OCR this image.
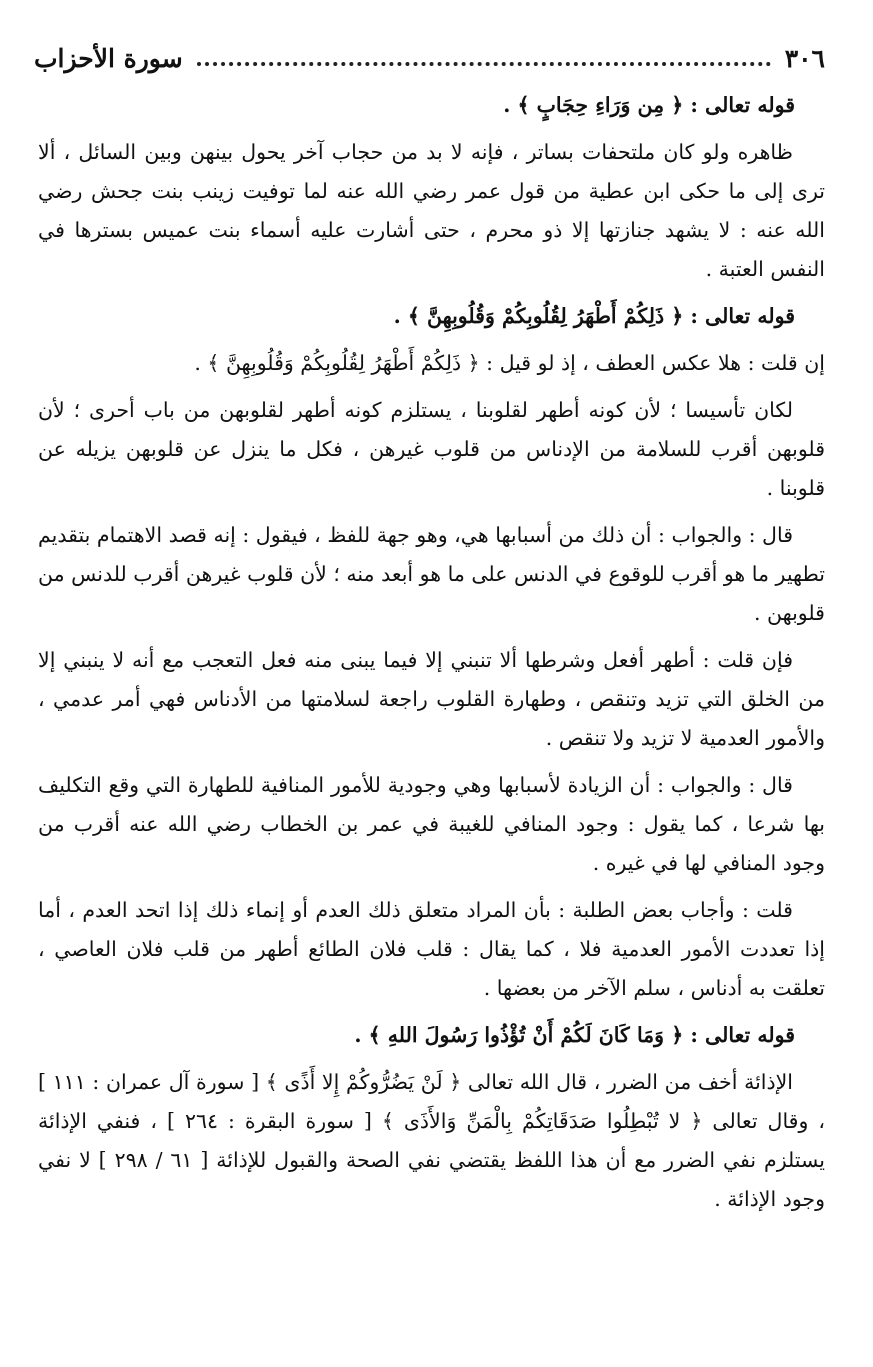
٣٠٦
سورة الأحزاب

قوله تعالى : ﴿ مِن وَرَاءِ حِجَابٍ ﴾ .

ظاهره ولو كان ملتحفات بساتر ، فإنه لا بد من حجاب آخر يحول بينهن وبين السائل ، ألا ترى إلى ما حكى ابن عطية من قول عمر رضي الله عنه لما توفيت زينب بنت جحش رضي الله عنه : لا يشهد جنازتها إلا ذو محرم ، حتى أشارت عليه أسماء بنت عميس بسترها في النفس العتبة .

قوله تعالى : ﴿ ذَلِكُمْ أَطْهَرُ لِقُلُوبِكُمْ وَقُلُوبِهِنَّ ﴾ .

إن قلت : هلا عكس العطف ، إذ لو قيل : ﴿ ذَلِكُمْ أَطْهَرُ لِقُلُوبِكُمْ وَقُلُوبِهِنَّ ﴾ .

لكان تأسيسا ؛ لأن كونه أطهر لقلوبنا ، يستلزم كونه أطهر لقلوبهن من باب أحرى ؛ لأن قلوبهن أقرب للسلامة من الإدناس من قلوب غيرهن ، فكل ما ينزل عن قلوبهن يزيله عن قلوبنا .

قال : والجواب : أن ذلك من أسبابها هي، وهو جهة للفظ ، فيقول : إنه قصد الاهتمام بتقديم تطهير ما هو أقرب للوقوع في الدنس على ما هو أبعد منه ؛ لأن قلوب غيرهن أقرب للدنس من قلوبهن .

فإن قلت : أطهر أفعل وشرطها ألا تنبني إلا فيما يبنى منه فعل التعجب مع أنه لا ينبني إلا من الخلق التي تزيد وتنقص ، وطهارة القلوب راجعة لسلامتها من الأدناس فهي أمر عدمي ، والأمور العدمية لا تزيد ولا تنقص .

قال : والجواب : أن الزيادة لأسبابها وهي وجودية للأمور المنافية للطهارة التي وقع التكليف بها شرعا ، كما يقول : وجود المنافي للغيبة في عمر بن الخطاب رضي الله عنه أقرب من وجود المنافي لها في غيره .

قلت : وأجاب بعض الطلبة : بأن المراد متعلق ذلك العدم أو إنماء ذلك إذا اتحد العدم ، أما إذا تعددت الأمور العدمية فلا ، كما يقال : قلب فلان الطائع أطهر من قلب فلان العاصي ، تعلقت به أدناس ، سلم الآخر من بعضها .

قوله تعالى : ﴿ وَمَا كَانَ لَكُمْ أَنْ تُؤْذُوا رَسُولَ اللهِ ﴾ .

الإذائة أخف من الضرر ، قال الله تعالى ﴿ لَنْ يَضُرُّوكُمْ إِلا أَذًى ﴾ [ سورة آل عمران : ١١١ ] ، وقال تعالى ﴿ لا تُبْطِلُوا صَدَقَاتِكُمْ بِالْمَنِّ وَالأَذَى ﴾ [ سورة البقرة : ٢٦٤ ] ، فنفي الإذائة يستلزم نفي الضرر مع أن هذا اللفظ يقتضي نفي الصحة والقبول للإذائة [ ٦١ / ٢٩٨ ] لا نفي وجود الإذائة .
